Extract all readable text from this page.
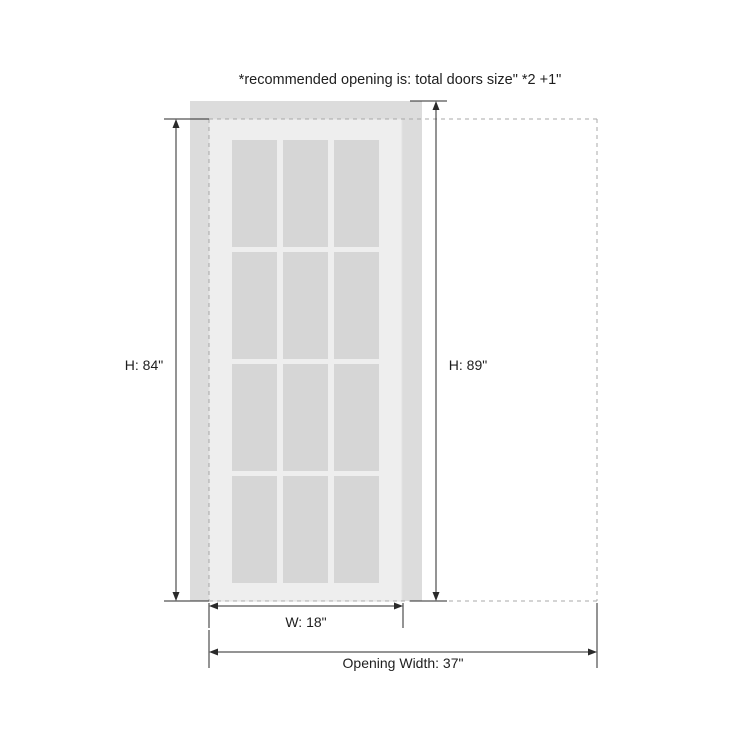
*recommended opening is: total doors size" *2 +1"
H: 84"	H: 89"
W: 18"
Opening Width: 37"
